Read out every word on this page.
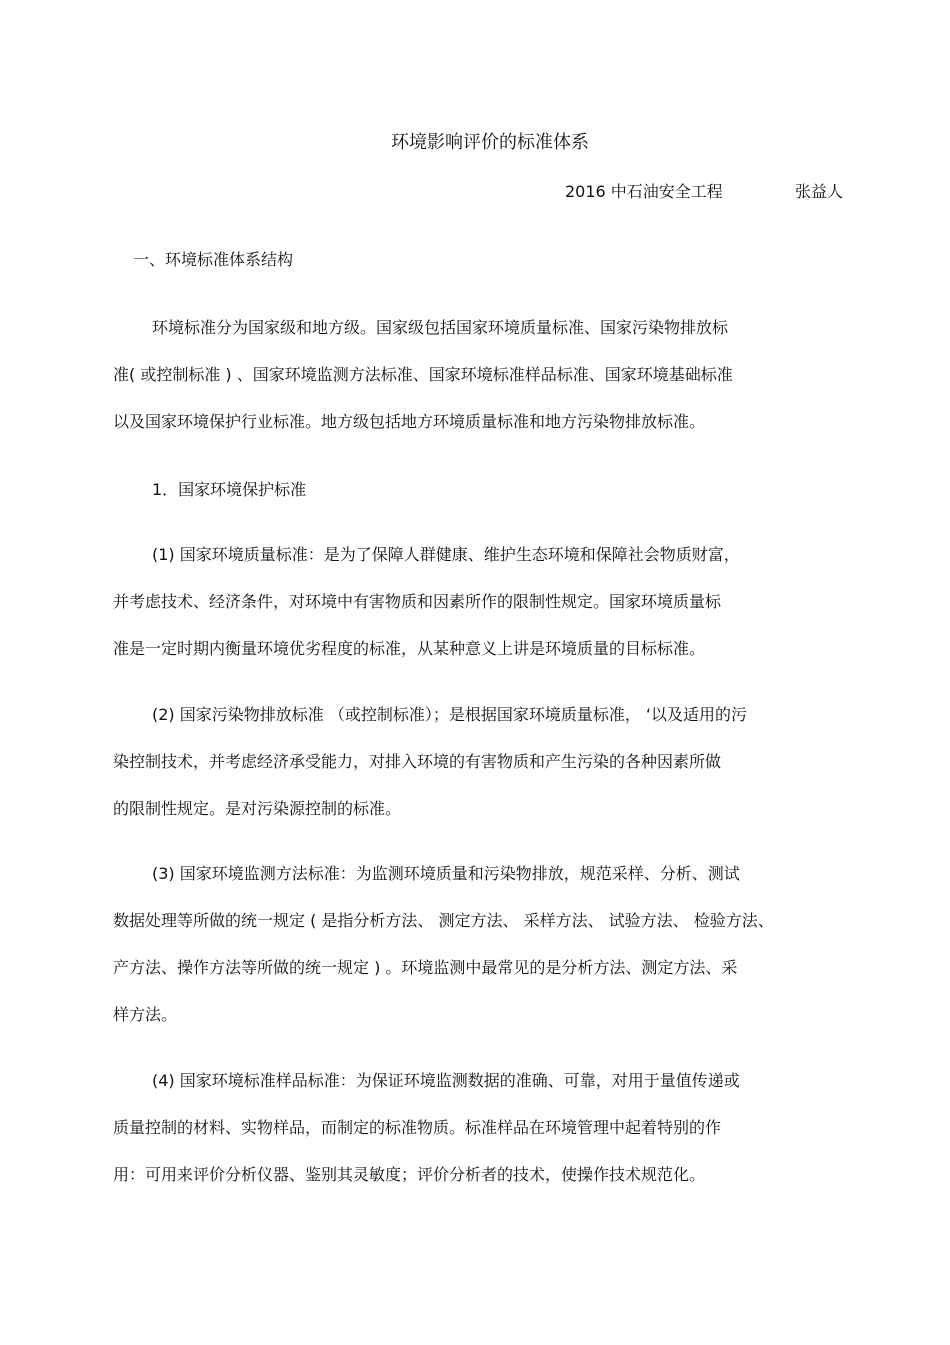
环境影响评价的标准体系
2016 中石油安全工程	张益人
一、环境标准体系结构
环境标准分为国家级和地方级。国家级包括国家环境质量标准、国家污染物排放标
准( 或控制标准 ) 、国家环境监测方法标准、国家环境标准样品标准、国家环境基础标准
以及国家环境保护行业标准。地方级包括地方环境质量标准和地方污染物排放标准。
1．国家环境保护标准
(1) 国家环境质量标准：是为了保障人群健康、维护生态环境和保障社会物质财富，
并考虑技术、经济条件，对环境中有害物质和因素所作的限制性规定。国家环境质量标
准是一定时期内衡量环境优劣程度的标准，从某种意义上讲是环境质量的目标标准。
(2) 国家污染物排放标准 （或控制标准）；是根据国家环境质量标准， ‘以及适用的污
染控制技术，并考虑经济承受能力，对排入环境的有害物质和产生污染的各种因素所做
的限制性规定。是对污染源控制的标准。
(3) 国家环境监测方法标准：为监测环境质量和污染物排放，规范采样、分析、测试
数据处理等所做的统一规定 ( 是指分析方法、 测定方法、 采样方法、 试验方法、 检验方法、
产方法、操作方法等所做的统一规定 ) 。环境监测中最常见的是分析方法、测定方法、采
样方法。
(4) 国家环境标准样品标准：为保证环境监测数据的准确、可靠，对用于量值传递或
质量控制的材料、实物样品，而制定的标准物质。标准样品在环境管理中起着特别的作
用：可用来评价分析仪器、鉴别其灵敏度；评价分析者的技术，使操作技术规范化。
